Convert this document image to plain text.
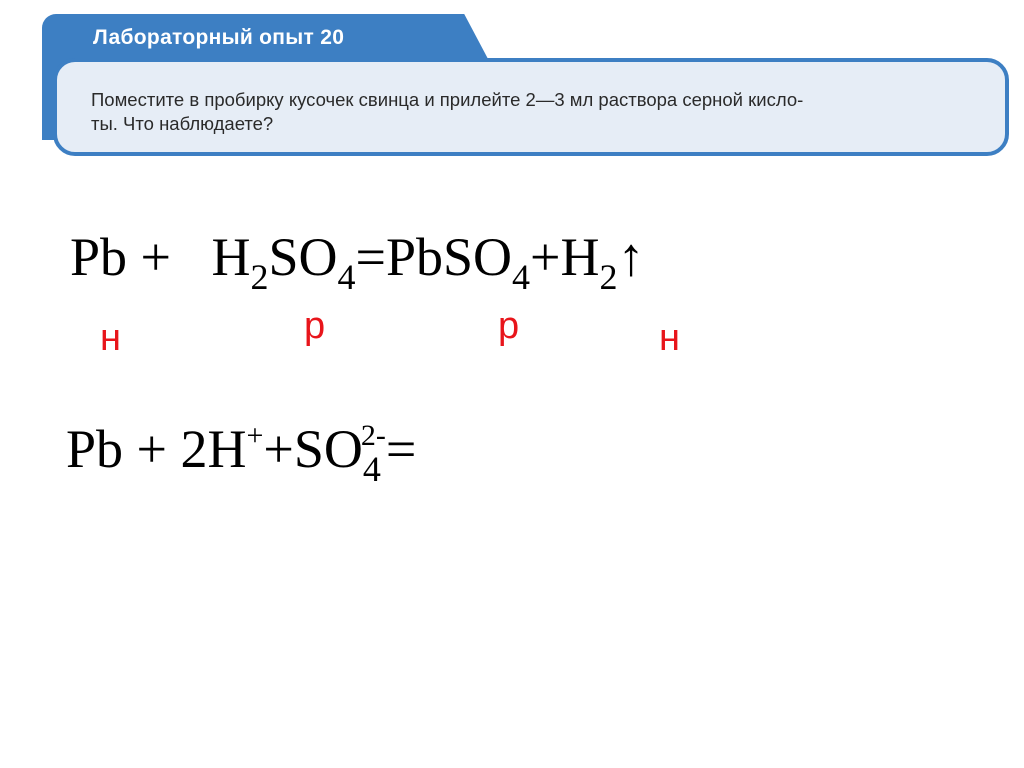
Лабораторный опыт 20
Поместите в пробирку кусочек свинца и прилейте 2—3 мл раствора серной кисло-
ты. Что наблюдаете?
$Pb + H_2SO_4=PbSO_4+H_2↑$
н	р	р	н
$Pb + 2H^++SO_4^{2-}=$
